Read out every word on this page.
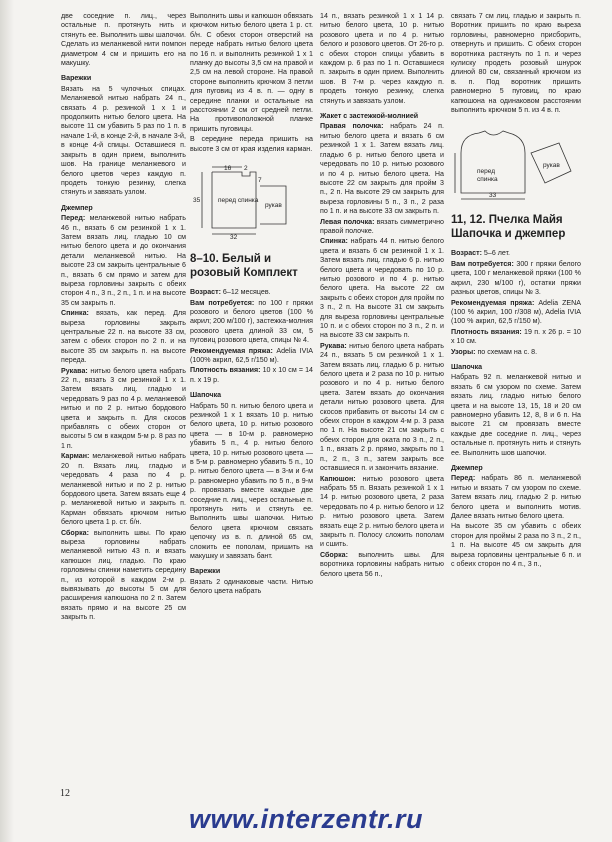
две соседние п. лиц., через остальные п. протянуть нить и стянуть ее. Выполнить швы шапочки. Сделать из меланжевой нити помпон диаметром 4 см и пришить его на макушку.

Варежки

Вязать на 5 чулочных спицах. Меланжевой нитью набрать 24 п., связать 4 р. резинкой 1 х 1 и продолжить нитью белого цвета. На высоте 11 см убавить 5 раз по 1 п. в начале 1-й, в конце 2-й, в начале 3-й, в конце 4-й спицы. Оставшиеся п. закрыть в один прием, выполнить шов. На границе меланжевого и белого цветов через каждую п. продеть тонкую резинку, слегка стянуть и завязать узлом.

Джемпер

Перед: меланжевой нитью набрать 46 п., вязать 6 см резинкой 1 х 1. Затем вязать лиц. гладью 10 см нитью белого цвета и до окончания детали меланжевой нитью. На высоте 23 см закрыть центральные 6 п., вязать 6 см прямо и затем для выреза горловины закрыть с обеих сторон 4 п., 3 п., 2 п., 1 п. и на высоте 35 см закрыть п.

Спинка: вязать, как перед. Для выреза горловины закрыть центральные 22 п. на высоте 33 см, затем с обеих сторон по 2 п. и на высоте 35 см закрыть п. на высоте переда.

Рукава: нитью белого цвета набрать 22 п., вязать 3 см резинкой 1 х 1. Затем вязать лиц. гладью и чередовать 9 раз по 4 р. меланжевой нитью и по 2 р. нитью бордового цвета и закрыть п. Для скосов прибавлять с обеих сторон от высоты 5 см в каждом 5-м р. 8 раз по 1 п.

Карман: меланжевой нитью набрать 20 п. Вязать лиц. гладью и чередовать 4 раза по 4 р. меланжевой нитью и по 2 р. нитью бордового цвета. Затем вязать еще 4 р. меланжевой нитью и закрыть п. Карман обвязать крючком нитью белого цвета 1 р. ст. б/н.

Сборка: выполнить швы. По краю выреза горловины набрать меланжевой нитью 43 п. и вязать капюшон лиц. гладью. По краю горловины спинки наметить середину п., из которой в каждом 2-м р. вывязывать до высоты 5 см для расширения капюшона по 2 п. Затем вязать прямо и на высоте 25 см закрыть п.

Выполнить швы и капюшон обвязать крючком нитью белого цвета 1 р. ст. б/н. С обеих сторон отверстий на переде набрать нитью белого цвета по 16 п. и выполнить резинкой 1 х 1 планку до высоты 3,5 см на правой и 2,5 см на левой стороне. На правой стороне выполнить крючком 3 петли для пуговиц из 4 в. п. — одну в середине планки и остальные на расстоянии 2 см от средней петли. На противоположной планке пришить пуговицы.

В середине переда пришить на высоте 3 см от края изделия карман.

16 2
32
35
7
рукав
перед спинка

8–10. Белый и розовый Комплект

Возраст: 6–12 месяцев.

Вам потребуется: по 100 г пряжи розового и белого цветов (100 % акрил; 200 м/100 г), застежка-молния розового цвета длиной 33 см, 5 пуговиц розового цвета, спицы № 4.

Рекомендуемая пряжа: Adelia IVIA (100% акрил, 62,5 г/150 м).

Плотность вязания: 10 х 10 см = 14 п. х 19 р.

Шапочка

Набрать 50 п. нитью белого цвета и резинкой 1 х 1 вязать 10 р. нитью белого цвета, 10 р. нитью розового цвета — в 10-м р. равномерно убавить 5 п., 4 р. нитью белого цвета, 10 р. нитью розового цвета — в 5-м р. равномерно убавить 5 п., 10 р. нитью белого цвета — в 3-м и 6-м р. равномерно убавить по 5 п., в 9-м р. провязать вместе каждые две соседние п. лиц., через остальные п. протянуть нить и стянуть ее. Выполнить швы шапочки. Нитью белого цвета крючком связать цепочку из в. п. длиной 65 см, сложить ее пополам, пришить на макушку и завязать бант.

Варежки

Вязать 2 одинаковые части. Нитью белого цвета набрать

14 п., вязать резинкой 1 х 1 14 р. нитью белого цвета, 10 р. нитью розового цвета и по 4 р. нитью белого и розового цветов. От 26-го р. с обеих сторон спицы убавить в каждом р. 6 раз по 1 п. Оставшиеся п. закрыть в один прием. Выполнить шов. В 7-м р. через каждую п. продеть тонкую резинку, слегка стянуть и завязать узлом.

Жакет с застежкой-молнией

Правая полочка: набрать 24 п. нитью белого цвета и вязать 6 см резинкой 1 х 1. Затем вязать лиц. гладью 6 р. нитью белого цвета и чередовать по 10 р. нитью розового и по 4 р. нитью белого цвета. На высоте 22 см закрыть для пройм 3 п., 2 п. На высоте 29 см закрыть для выреза горловины 5 п., 3 п., 2 раза по 1 п. и на высоте 33 см закрыть п.

Левая полочка: вязать симметрично правой полочке.

Спинка: набрать 44 п. нитью белого цвета и вязать 6 см резинкой 1 х 1. Затем вязать лиц. гладью 6 р. нитью белого цвета и чередовать по 10 р. нитью розового и по 4 р. нитью белого цвета. На высоте 22 см закрыть с обеих сторон для пройм по 3 п., 2 п. На высоте 31 см закрыть для выреза горловины центральные 10 п. и с обеих сторон по 3 п., 2 п. и на высоте 33 см закрыть п.

Рукава: нитью белого цвета набрать 24 п., вязать 5 см резинкой 1 х 1. Затем вязать лиц. гладью 6 р. нитью белого цвета и 2 раза по 10 р. нитью розового и по 4 р. нитью белого цвета. Затем вязать до окончания детали нитью розового цвета. Для скосов прибавить от высоты 14 см с обеих сторон в каждом 4-м р. 3 раза по 1 п. На высоте 21 см закрыть с обеих сторон для оката по 3 п., 2 п., 1 п., вязать 2 р. прямо, закрыть по 1 п., 2 п., 3 п., затем закрыть все оставшиеся п. и закончить вязание.

Капюшон: нитью розового цвета набрать 55 п. Вязать резинкой 1 х 1 14 р. нитью розового цвета, 2 раза чередовать по 4 р. нитью белого и 12 р. нитью розового цвета. Затем вязать еще 2 р. нитью белого цвета и закрыть п. Полосу сложить пополам и сшить.

Сборка: выполнить швы. Для воротника горловины набрать нитью белого цвета 56 п.,

связать 7 см лиц. гладью и закрыть п. Воротник пришить по краю выреза горловины, равномерно присборить, отвернуть и пришить. С обеих сторон воротника растянуть по 1 п. и через кулиску продеть розовый шнурок длиной 80 см, связанный крючком из в. п. Под воротник пришить равномерно 5 пуговиц, по краю капюшона на одинаковом расстоянии выполнить крючком 5 п. из 4 в. п.

перед
спинка
рукав
33

11, 12. Пчелка Майя Шапочка и джемпер

Возраст: 5–6 лет.

Вам потребуется: 300 г пряжи белого цвета, 100 г меланжевой пряжи (100 % акрил, 230 м/100 г), остатки пряжи разных цветов, спицы № 3.

Рекомендуемая пряжа: Adelia ZENA (100 % акрил, 100 г/308 м), Adelia IVIA (100 % акрил, 62,5 г/150 м).

Плотность вязания: 19 п. х 26 р. = 10 х 10 см.

Узоры: по схемам на с. 8.

Шапочка

Набрать 92 п. меланжевой нитью и вязать 6 см узором по схеме. Затем вязать лиц. гладью нитью белого цвета и на высоте 13, 15, 18 и 20 см равномерно убавить 12, 8, 8 и 6 п. На высоте 21 см провязать вместе каждые две соседние п. лиц., через остальные п. протянуть нить и стянуть ее. Выполнить шов шапочки.

Джемпер

Перед: набрать 86 п. меланжевой нитью и вязать 7 см узором по схеме. Затем вязать лиц. гладью 2 р. нитью белого цвета и выполнить мотив. Далее вязать нитью белого цвета.

На высоте 35 см убавить с обеих сторон для проймы 2 раза по 3 п., 2 п., 1 п. На высоте 45 см закрыть для выреза горловины центральные 6 п. и с обеих сторон по 4 п., 3 п.,

12
www.interzentr.ru
